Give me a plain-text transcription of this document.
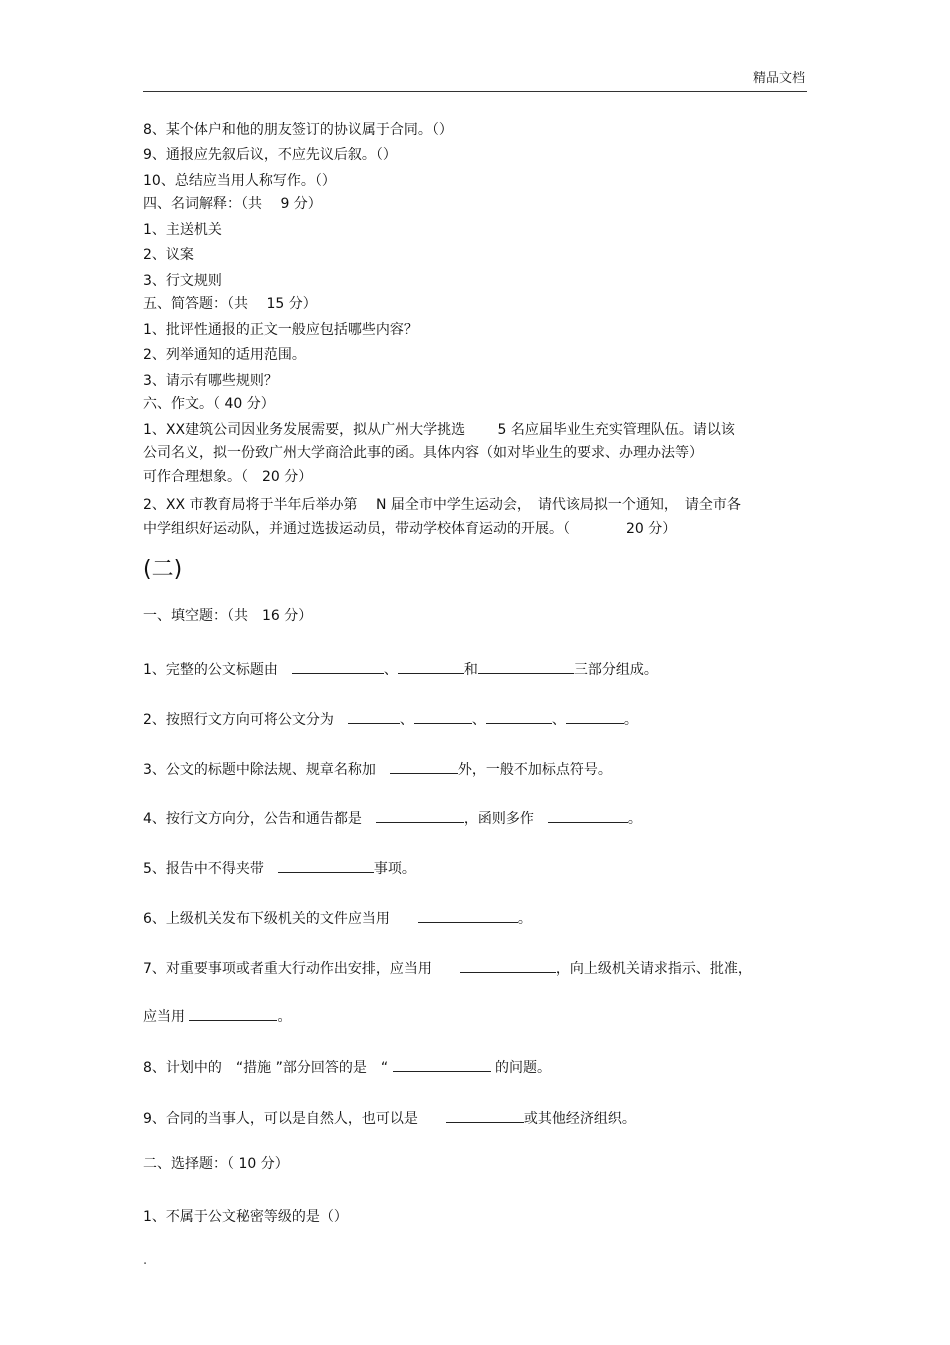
精品文档
8、某个体户和他的朋友签订的协议属于合同。（）
9、通报应先叙后议，不应先议后叙。（）
10、总结应当用人称写作。（）
四、名词解释：（共　 9 分）
1、主送机关
2、议案
3、行文规则
五、简答题：（共　 15 分）
1、批评性通报的正文一般应包括哪些内容？
2、列举通知的适用范围。
3、请示有哪些规则？
六、作文。（ 40 分）
1、XX建筑公司因业务发展需要，拟从广州大学挑选　　 5 名应届毕业生充实管理队伍。请以该
公司名义，拟一份致广州大学商洽此事的函。具体内容（如对毕业生的要求、办理办法等）
可作合理想象。（　20 分）
2、XX 市教育局将于半年后举办第　 N 届全市中学生运动会，　请代该局拟一个通知，　请全市各
中学组织好运动队，并通过选拔运动员，带动学校体育运动的开展。（　　　　20 分）
(二)
一、填空题：（共　16 分）
1、完整的公文标题由　	、	和	三部分组成。
2、按照行文方向可将公文分为　	、	、	、	。
3、公文的标题中除法规、规章名称加　	外，一般不加标点符号。
4、按行文方向分，公告和通告都是　	，函则多作　	。
5、报告中不得夹带　	事项。
6、上级机关发布下级机关的文件应当用　　	。
7、对重要事项或者重大行动作出安排，应当用　　	，向上级机关请求指示、批准，
应当用	。
8、计划中的　“措施 ”部分回答的是　“	的问题。
9、合同的当事人，可以是自然人，也可以是　　	或其他经济组织。
二、选择题：（ 10 分）
1、不属于公文秘密等级的是（）
.
